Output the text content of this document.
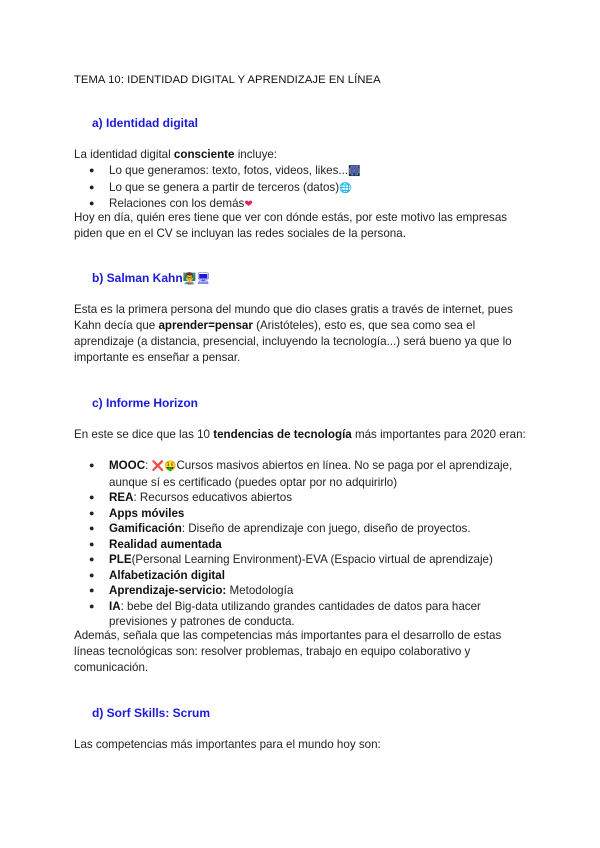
TEMA 10: IDENTIDAD DIGITAL Y APRENDIZAJE EN LÍNEA
a) Identidad digital

La identidad digital consciente incluye:

● Lo que generamos: texto, fotos, videos, likes...🎆
● Lo que se genera a partir de terceros (datos)🌐
● Relaciones con los demás❤

Hoy en día, quién eres tiene que ver con dónde estás, por este motivo las empresas piden que en el CV se incluyan las redes sociales de la persona.

b) Salman Kahn👨‍🏫🖥

Esta es la primera persona del mundo que dio clases gratis a través de internet, pues Kahn decía que aprender=pensar (Aristóteles), esto es, que sea como sea el aprendizaje (a distancia, presencial, incluyendo la tecnología...) será bueno ya que lo importante es enseñar a pensar.

c) Informe Horizon

En este se dice que las 10 tendencias de tecnología más importantes para 2020 eran:

● MOOC: ❌🤑Cursos masivos abiertos en línea. No se paga por el aprendizaje, aunque sí es certificado (puedes optar por no adquirirlo)
● REA: Recursos educativos abiertos
● Apps móviles
● Gamificación: Diseño de aprendizaje con juego, diseño de proyectos.
● Realidad aumentada
● PLE(Personal Learning Environment)-EVA (Espacio virtual de aprendizaje)
● Alfabetización digital
● Aprendizaje-servicio: Metodología
● IA: bebe del Big-data utilizando grandes cantidades de datos para hacer previsiones y patrones de conducta.

Además, señala que las competencias más importantes para el desarrollo de estas líneas tecnológicas son: resolver problemas, trabajo en equipo colaborativo y comunicación.

d) Sorf Skills: Scrum

Las competencias más importantes para el mundo hoy son:
